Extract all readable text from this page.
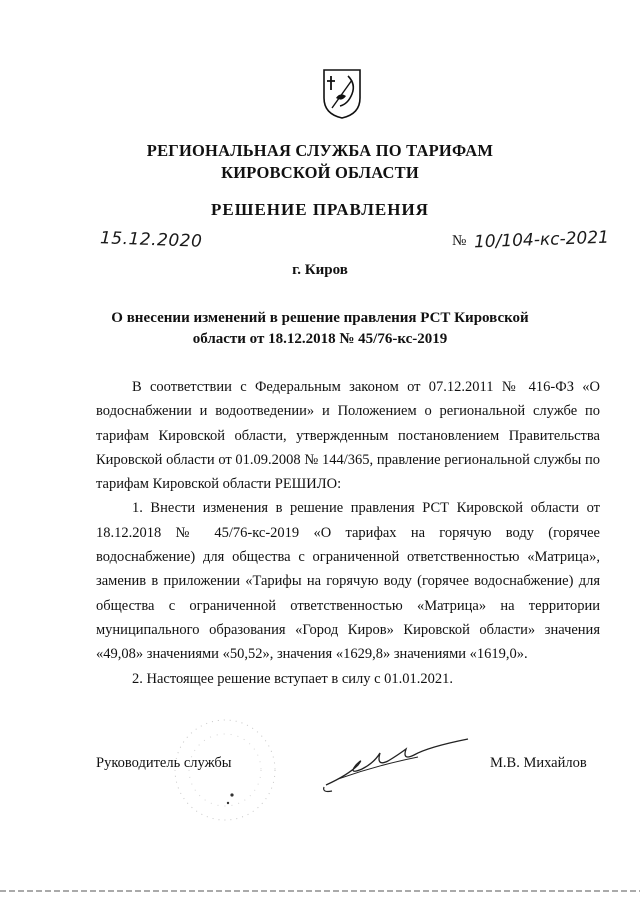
РЕГИОНАЛЬНАЯ СЛУЖБА ПО ТАРИФАМ
КИРОВСКОЙ ОБЛАСТИ
РЕШЕНИЕ ПРАВЛЕНИЯ
15.12.2020	№ 10/104-кс-2021
г. Киров
О внесении изменений в решение правления РСТ Кировской
области от 18.12.2018 № 45/76-кс-2019

В соответствии с Федеральным законом от 07.12.2011 № 416-ФЗ «О водоснабжении и водоотведении» и Положением о региональной службе по тарифам Кировской области, утвержденным постановлением Правительства Кировской области от 01.09.2008 № 144/365, правление региональной службы по тарифам Кировской области РЕШИЛО:

1. Внести изменения в решение правления РСТ Кировской области от 18.12.2018 № 45/76-кс-2019 «О тарифах на горячую воду (горячее водоснабжение) для общества с ограниченной ответственностью «Матрица», заменив в приложении «Тарифы на горячую воду (горячее водоснабжение) для общества с ограниченной ответственностью «Матрица» на территории муниципального образования «Город Киров» Кировской области» значения «49,08» значениями «50,52», значения «1629,8» значениями «1619,0».

2. Настоящее решение вступает в силу с 01.01.2021.

Руководитель службы	М.В. Михайлов
